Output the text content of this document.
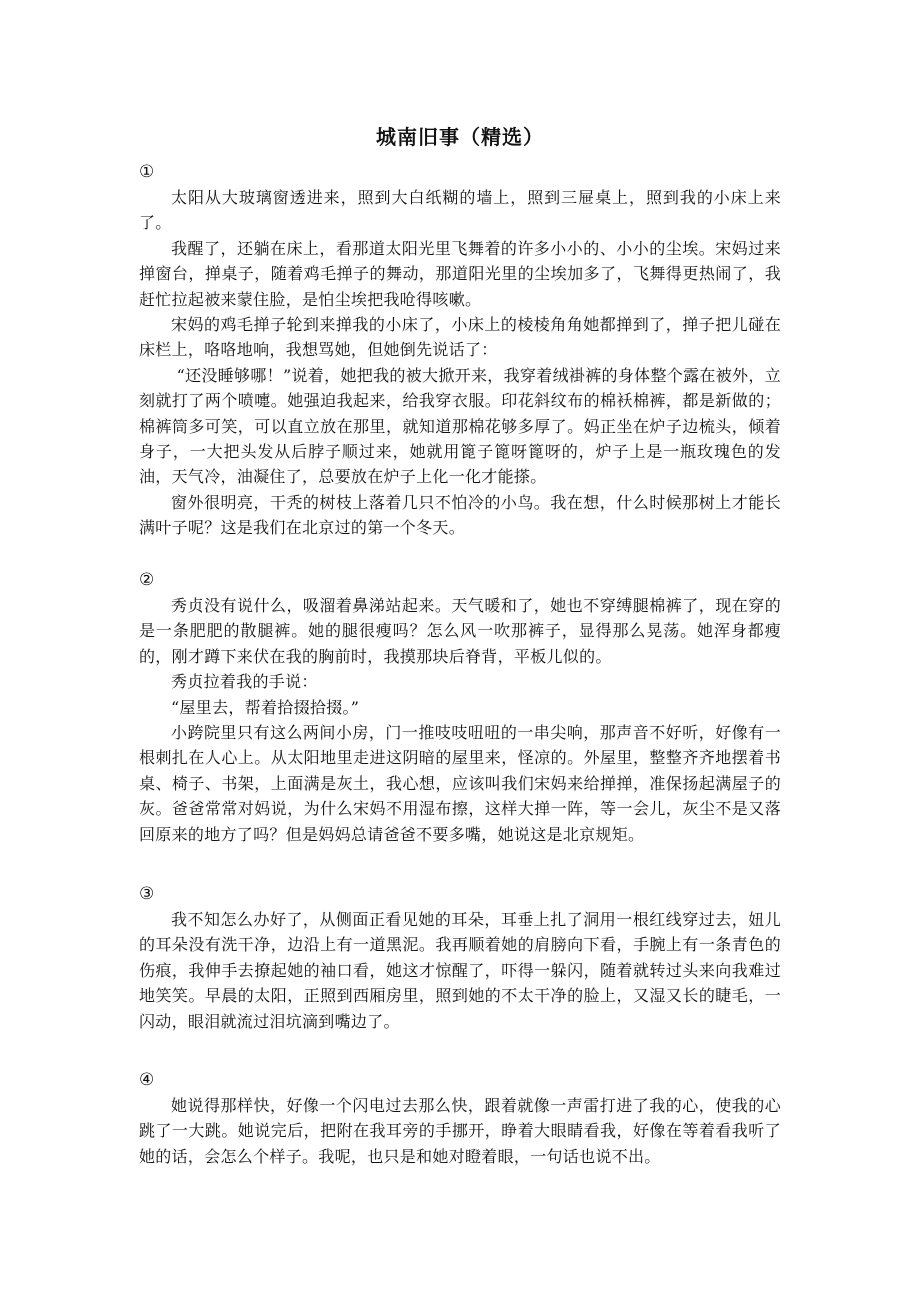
城南旧事（精选）
①

太阳从大玻璃窗透进来，照到大白纸糊的墙上，照到三屉桌上，照到我的小床上来了。

我醒了，还躺在床上，看那道太阳光里飞舞着的许多小小的、小小的尘埃。宋妈过来掸窗台，掸桌子，随着鸡毛掸子的舞动，那道阳光里的尘埃加多了，飞舞得更热闹了，我赶忙拉起被来蒙住脸，是怕尘埃把我呛得咳嗽。

宋妈的鸡毛掸子轮到来掸我的小床了，小床上的棱棱角角她都掸到了，掸子把儿碰在床栏上，咯咯地响，我想骂她，但她倒先说话了：

“还没睡够哪！”说着，她把我的被大掀开来，我穿着绒褂裤的身体整个露在被外，立刻就打了两个喷嚏。她强迫我起来，给我穿衣服。印花斜纹布的棉袄棉裤，都是新做的；棉裤筒多可笑，可以直立放在那里，就知道那棉花够多厚了。妈正坐在炉子边梳头，倾着身子，一大把头发从后脖子顺过来，她就用篦子篦呀篦呀的，炉子上是一瓶玫瑰色的发油，天气冷，油凝住了，总要放在炉子上化一化才能搽。

窗外很明亮，干秃的树枝上落着几只不怕冷的小鸟。我在想，什么时候那树上才能长满叶子呢？这是我们在北京过的第一个冬天。

②

秀贞没有说什么，吸溜着鼻涕站起来。天气暖和了，她也不穿缚腿棉裤了，现在穿的是一条肥肥的散腿裤。她的腿很瘦吗？怎么风一吹那裤子，显得那么晃荡。她浑身都瘦的，刚才蹲下来伏在我的胸前时，我摸那块后脊背，平板儿似的。

秀贞拉着我的手说：

“屋里去，帮着拾掇拾掇。”

小跨院里只有这么两间小房，门一推吱吱吜吜的一串尖响，那声音不好听，好像有一根刺扎在人心上。从太阳地里走进这阴暗的屋里来，怪凉的。外屋里，整整齐齐地摆着书桌、椅子、书架，上面满是灰土，我心想，应该叫我们宋妈来给掸掸，准保扬起满屋子的灰。爸爸常常对妈说，为什么宋妈不用湿布擦，这样大掸一阵，等一会儿，灰尘不是又落回原来的地方了吗？但是妈妈总请爸爸不要多嘴，她说这是北京规矩。

③

我不知怎么办好了，从侧面正看见她的耳朵，耳垂上扎了洞用一根红线穿过去，妞儿的耳朵没有洗干净，边沿上有一道黑泥。我再顺着她的肩膀向下看，手腕上有一条青色的伤痕，我伸手去撩起她的袖口看，她这才惊醒了，吓得一躲闪，随着就转过头来向我难过地笑笑。早晨的太阳，正照到西厢房里，照到她的不太干净的脸上，又湿又长的睫毛，一闪动，眼泪就流过泪坑滴到嘴边了。

④

她说得那样快，好像一个闪电过去那么快，跟着就像一声雷打进了我的心，使我的心跳了一大跳。她说完后，把附在我耳旁的手挪开，睁着大眼睛看我，好像在等着看我听了她的话，会怎么个样子。我呢，也只是和她对瞪着眼，一句话也说不出。
